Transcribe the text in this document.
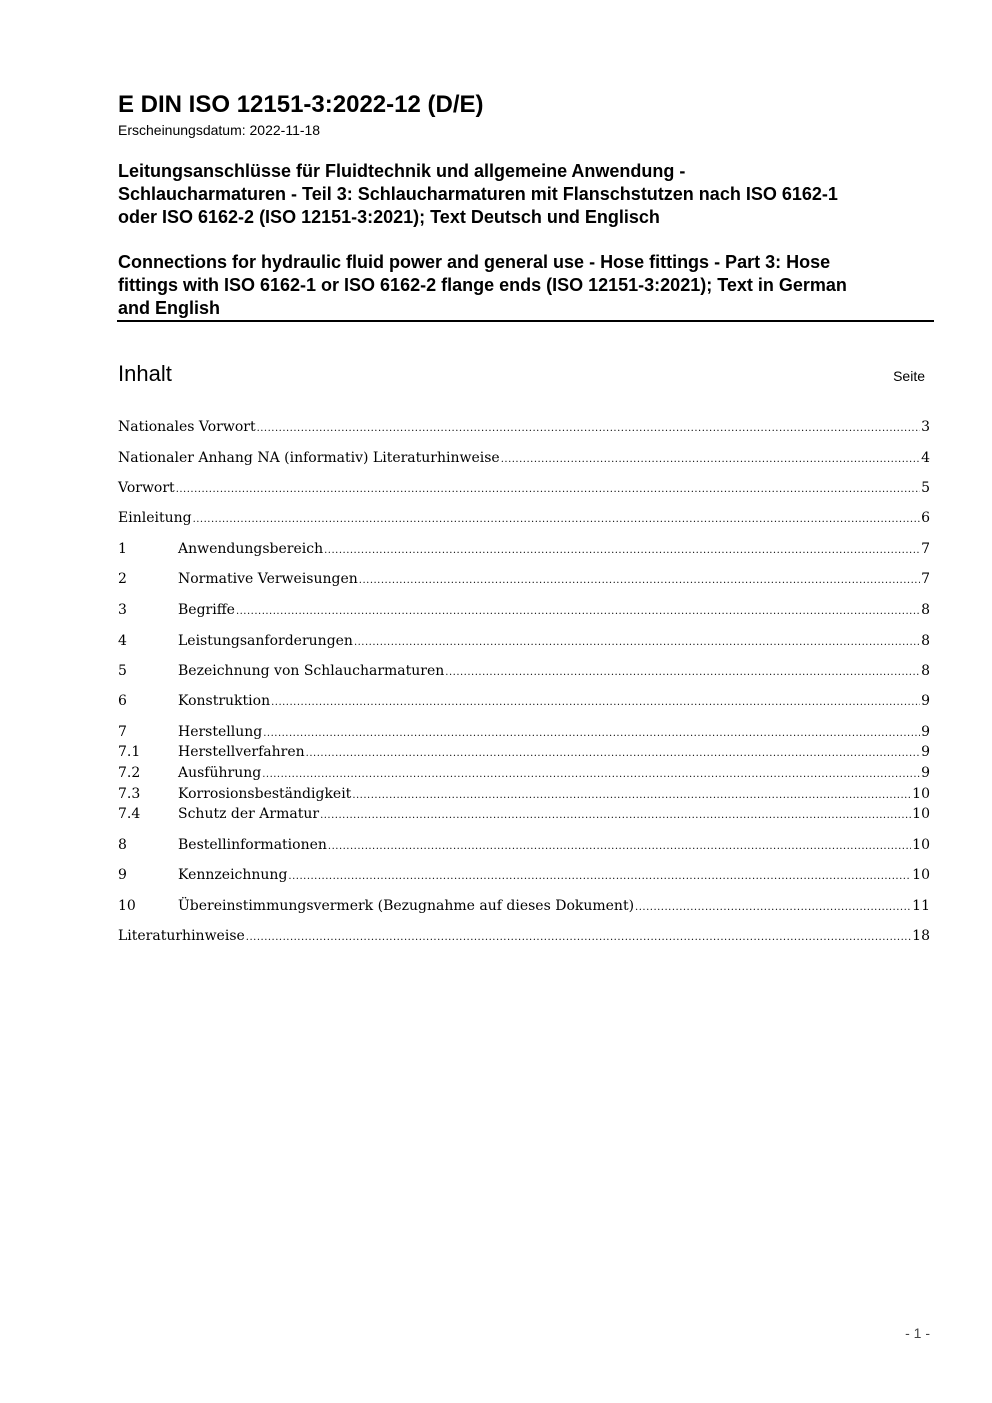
E DIN ISO 12151-3:2022-12 (D/E)
Erscheinungsdatum: 2022-11-18
Leitungsanschlüsse für Fluidtechnik und allgemeine Anwendung -
Schlaucharmaturen - Teil 3: Schlaucharmaturen mit Flanschstutzen nach ISO 6162-1
oder ISO 6162-2 (ISO 12151-3:2021); Text Deutsch und Englisch
Connections for hydraulic fluid power and general use - Hose fittings - Part 3: Hose
fittings with ISO 6162-1 or ISO 6162-2 flange ends (ISO 12151-3:2021); Text in German
and English
Inhalt	Seite
Nationales Vorwort .....	3
Nationaler Anhang NA (informativ) Literaturhinweise .....	4
Vorwort .....	5
Einleitung .....	6
1	Anwendungsbereich .....	7
2	Normative Verweisungen .....	7
3	Begriffe .....	8
4	Leistungsanforderungen .....	8
5	Bezeichnung von Schlaucharmaturen .....	8
6	Konstruktion .....	9
7	Herstellung .....	9
7.1	Herstellverfahren .....	9
7.2	Ausführung .....	9
7.3	Korrosionsbeständigkeit .....	10
7.4	Schutz der Armatur .....	10
8	Bestellinformationen .....	10
9	Kennzeichnung .....	10
10	Übereinstimmungsvermerk (Bezugnahme auf dieses Dokument) .....	11
Literaturhinweise .....	18
- 1 -
